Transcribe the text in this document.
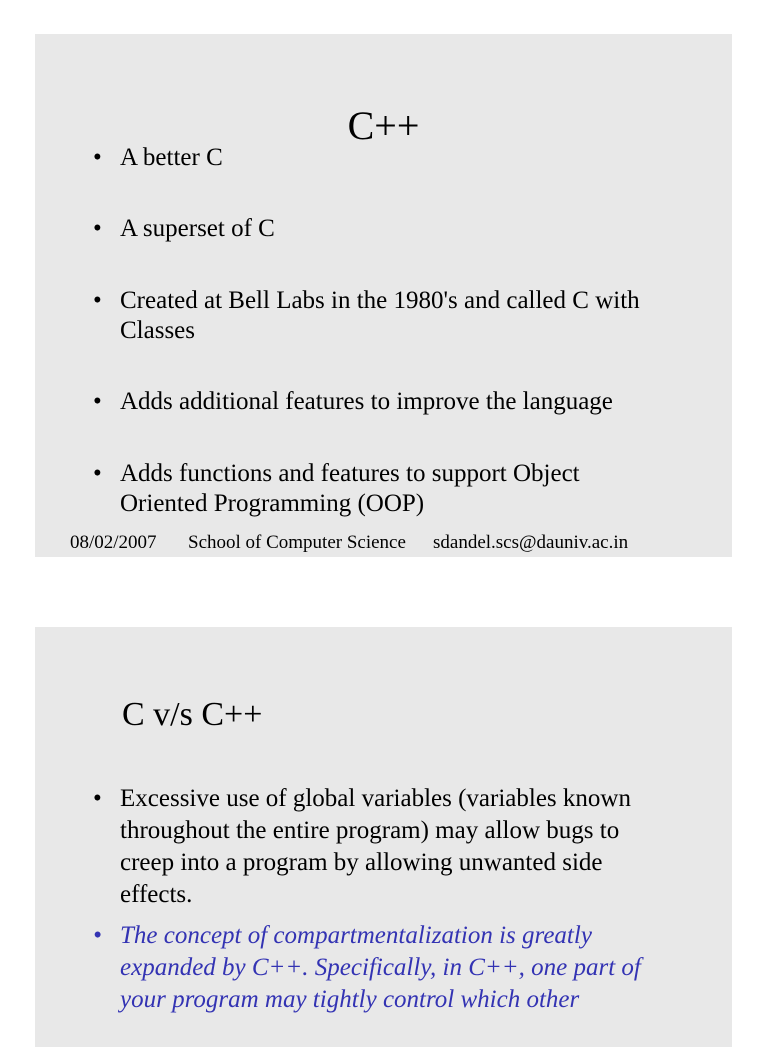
C++
• A better C
• A superset of C
• Created at Bell Labs in the 1980's and called C with Classes
• Adds additional features to improve the language
• Adds functions and features to support Object Oriented Programming (OOP)
08/02/2007 School of Computer Science sdandel.scs@dauniv.ac.in
C v/s C++
• Excessive use of global variables (variables known throughout the entire program) may allow bugs to creep into a program by allowing unwanted side effects.
• The concept of compartmentalization is greatly expanded by C++. Specifically, in C++, one part of your program may tightly control which other
